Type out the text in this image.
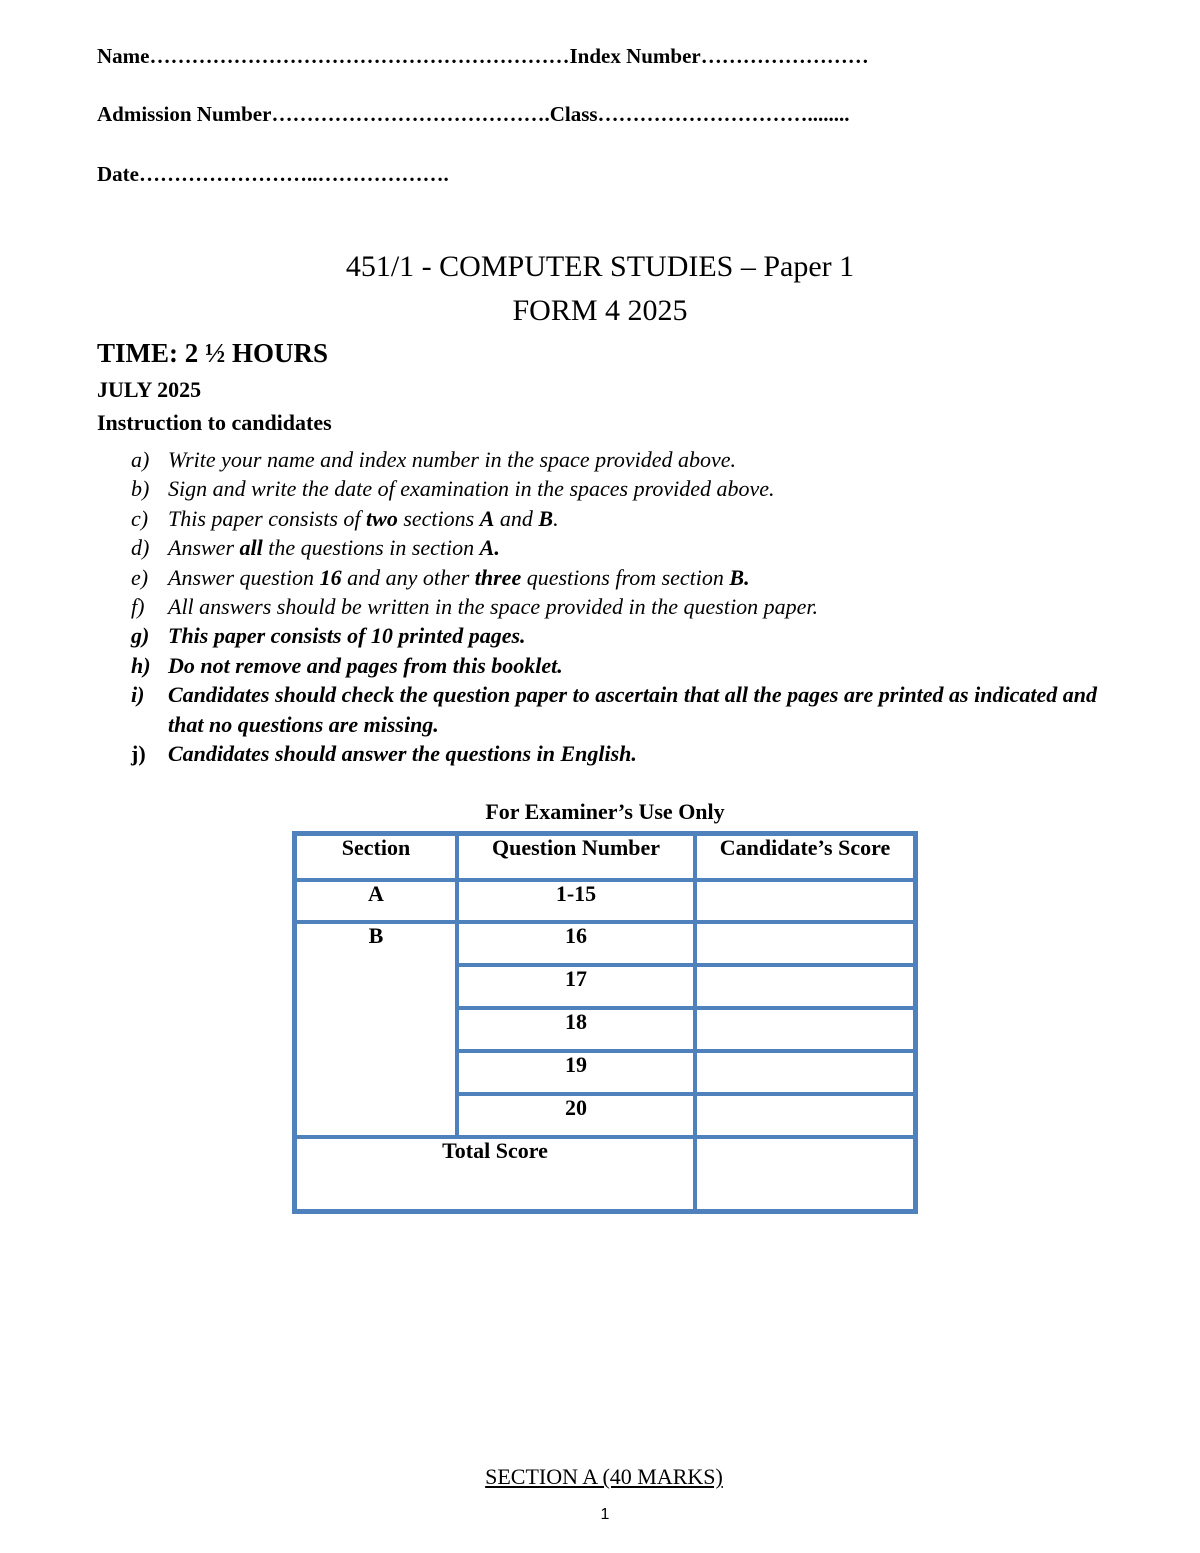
Name……………………………………………………Index Number……………………
Admission Number………………………………….Class…………………………........
Date……………………..……………….
451/1 - COMPUTER STUDIES – Paper 1
FORM 4 2025
TIME: 2 ½ HOURS
JULY 2025
Instruction to candidates
a) Write your name and index number in the space provided above.
b) Sign and write the date of examination in the spaces provided above.
c) This paper consists of two sections A and B.
d) Answer all the questions in section A.
e) Answer question 16 and any other three questions from section B.
f)	All answers should be written in the space provided in the question paper.
g) This paper consists of 10 printed pages.
h) Do not remove and pages from this booklet.
i)	Candidates should check the question paper to ascertain that all the pages are printed as indicated and that no questions are missing.
j)	Candidates should answer the questions in English.
For Examiner’s Use Only
Section	Question Number	Candidate’s Score
A	1-15	
B	16	
	17	
	18	
	19	
	20	
Total Score		
SECTION A (40 MARKS)
1
